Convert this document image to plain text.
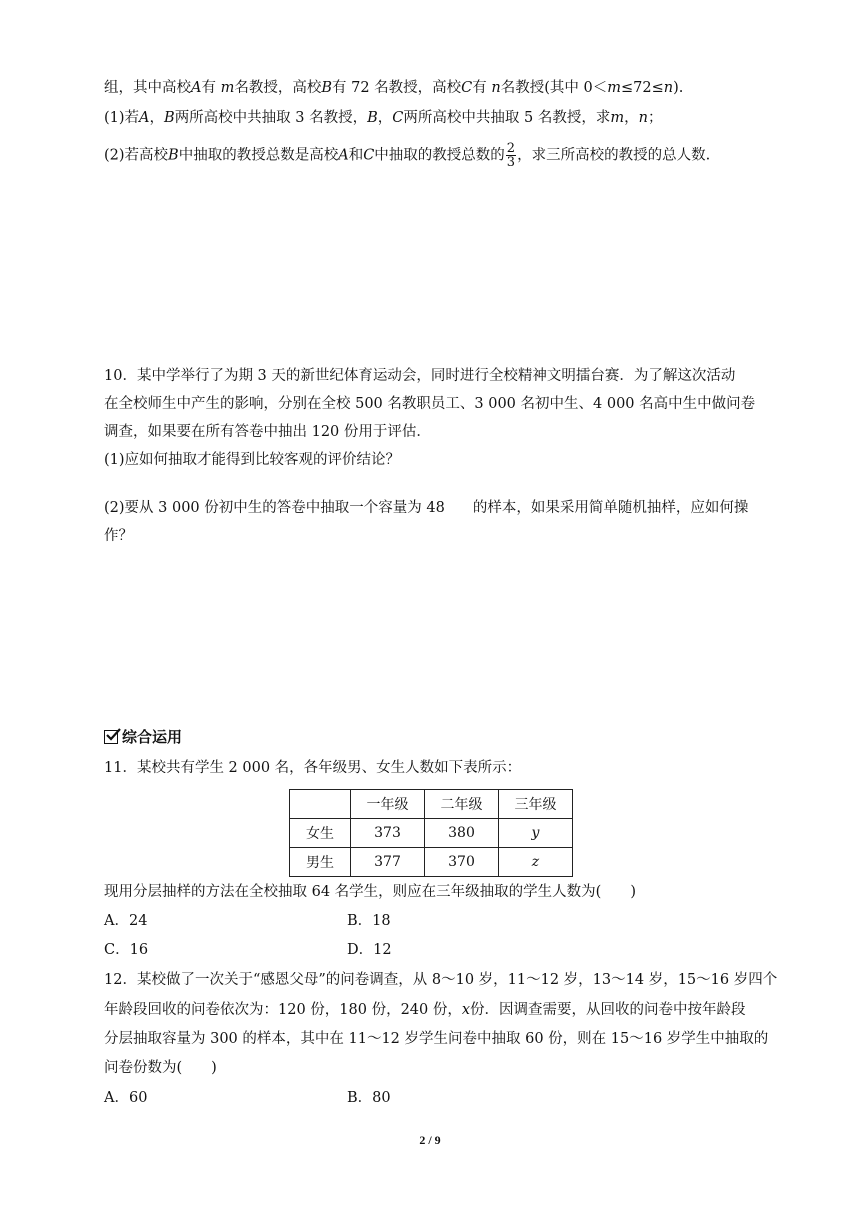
组，其中高校A有 m名教授，高校B有 72 名教授，高校C有 n名教授(其中 0＜m≤72≤n).
(1)若A，B两所高校中共抽取 3 名教授，B，C两所高校中共抽取 5 名教授，求m，n；
(2)若高校B中抽取的教授总数是高校A和C中抽取的教授总数的 $\frac{2}{3}$ ，求三所高校的教授的总人数.
10．某中学举行了为期 3 天的新世纪体育运动会，同时进行全校精神文明擂台赛．为了解这次活动
在全校师生中产生的影响，分别在全校 500 名教职员工、3 000 名初中生、4 000 名高中生中做问卷
调查，如果要在所有答卷中抽出 120 份用于评估．
(1)应如何抽取才能得到比较客观的评价结论？
(2)要从 3 000 份初中生的答卷中抽取一个容量为 48 的样本，如果采用简单随机抽样，应如何操
作？
综合运用
11．某校共有学生 2 000 名，各年级男、女生人数如下表所示：
	一年级	二年级	三年级
女生	373	380	y
男生	377	370	z
现用分层抽样的方法在全校抽取 64 名学生，则应在三年级抽取的学生人数为(　　)
A．24	B．18
C．16	D．12
12．某校做了一次关于“感恩父母”的问卷调查，从 8～10 岁，11～12 岁，13～14 岁，15～16 岁四个
年龄段回收的问卷依次为：120 份，180 份，240 份，x份．因调查需要，从回收的问卷中按年龄段
分层抽取容量为 300 的样本，其中在 11～12 岁学生问卷中抽取 60 份，则在 15～16 岁学生中抽取的
问卷份数为(　　)
A．60	B．80
2 / 9
